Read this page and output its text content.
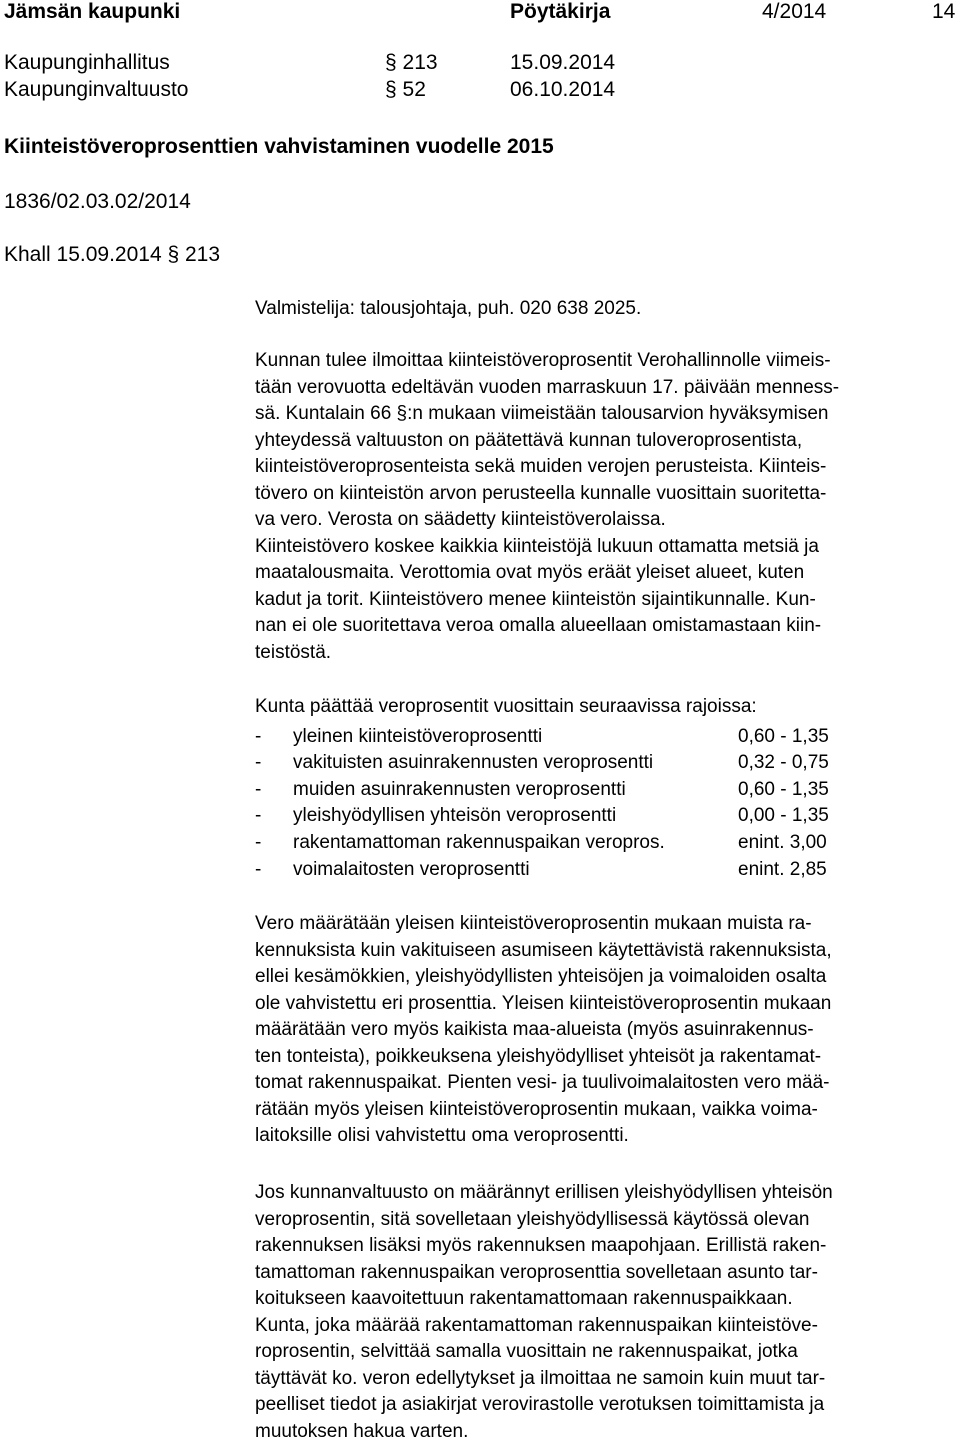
Jämsän kaupunki	Pöytäkirja	4/2014	14
Kaupunginhallitus	§ 213	15.09.2014
Kaupunginvaltuusto	§ 52	06.10.2014
Kiinteistöveroprosenttien vahvistaminen vuodelle 2015
1836/02.03.02/2014
Khall 15.09.2014 § 213
Valmistelija: talousjohtaja, puh. 020 638 2025.

Kunnan tulee ilmoittaa kiinteistöveroprosentit Verohallinnolle viimeis-
tään verovuotta edeltävän vuoden marraskuun 17. päivään menness-
sä. Kuntalain 66 §:n mukaan viimeistään talousarvion hyväksymisen
yhteydessä valtuuston on päätettävä kunnan tuloveroprosentista,
kiinteistöveroprosenteista sekä muiden verojen perusteista. Kiinteis-
tövero on kiinteistön arvon perusteella kunnalle vuosittain suoritetta-
va vero. Verosta on säädetty kiinteistöverolaissa.
Kiinteistövero koskee kaikkia kiinteistöjä lukuun ottamatta metsiä ja
maatalousmaita. Verottomia ovat myös eräät yleiset alueet, kuten
kadut ja torit. Kiinteistövero menee kiinteistön sijaintikunnalle. Kun-
nan ei ole suoritettava veroa omalla alueellaan omistamastaan kiin-
teistöstä.

Kunta päättää veroprosentit vuosittain seuraavissa rajoissa:
- yleinen kiinteistöveroprosentti	0,60 - 1,35
- vakituisten asuinrakennusten veroprosentti	0,32 - 0,75
- muiden asuinrakennusten veroprosentti	0,60 - 1,35
- yleishyödyllisen yhteisön veroprosentti	0,00 - 1,35
- rakentamattoman rakennuspaikan veropros.	enint. 3,00
- voimalaitosten veroprosentti	enint. 2,85

Vero määrätään yleisen kiinteistöveroprosentin mukaan muista ra-
kennuksista kuin vakituiseen asumiseen käytettävistä rakennuksista,
ellei kesämökkien, yleishyödyllisten yhteisöjen ja voimaloiden osalta
ole vahvistettu eri prosenttia. Yleisen kiinteistöveroprosentin mukaan
määrätään vero myös kaikista maa-alueista (myös asuinrakennus-
ten tonteista), poikkeuksena yleishyödylliset yhteisöt ja rakentamat-
tomat rakennuspaikat. Pienten vesi- ja tuulivoimalaitosten vero mää-
rätään myös yleisen kiinteistöveroprosentin mukaan, vaikka voima-
laitoksille olisi vahvistettu oma veroprosentti.

Jos kunnanvaltuusto on määrännyt erillisen yleishyödyllisen yhteisön
veroprosentin, sitä sovelletaan yleishyödyllisessä käytössä olevan
rakennuksen lisäksi myös rakennuksen maapohjaan. Erillistä raken-
tamattoman rakennuspaikan veroprosenttia sovelletaan asunto tar-
koitukseen kaavoitettuun rakentamattomaan rakennuspaikkaan.
Kunta, joka määrää rakentamattoman rakennuspaikan kiinteistöve-
roprosentin, selvittää samalla vuosittain ne rakennuspaikat, jotka
täyttävät ko. veron edellytykset ja ilmoittaa ne samoin kuin muut tar-
peelliset tiedot ja asiakirjat verovirastolle verotuksen toimittamista ja
muutoksen hakua varten.
